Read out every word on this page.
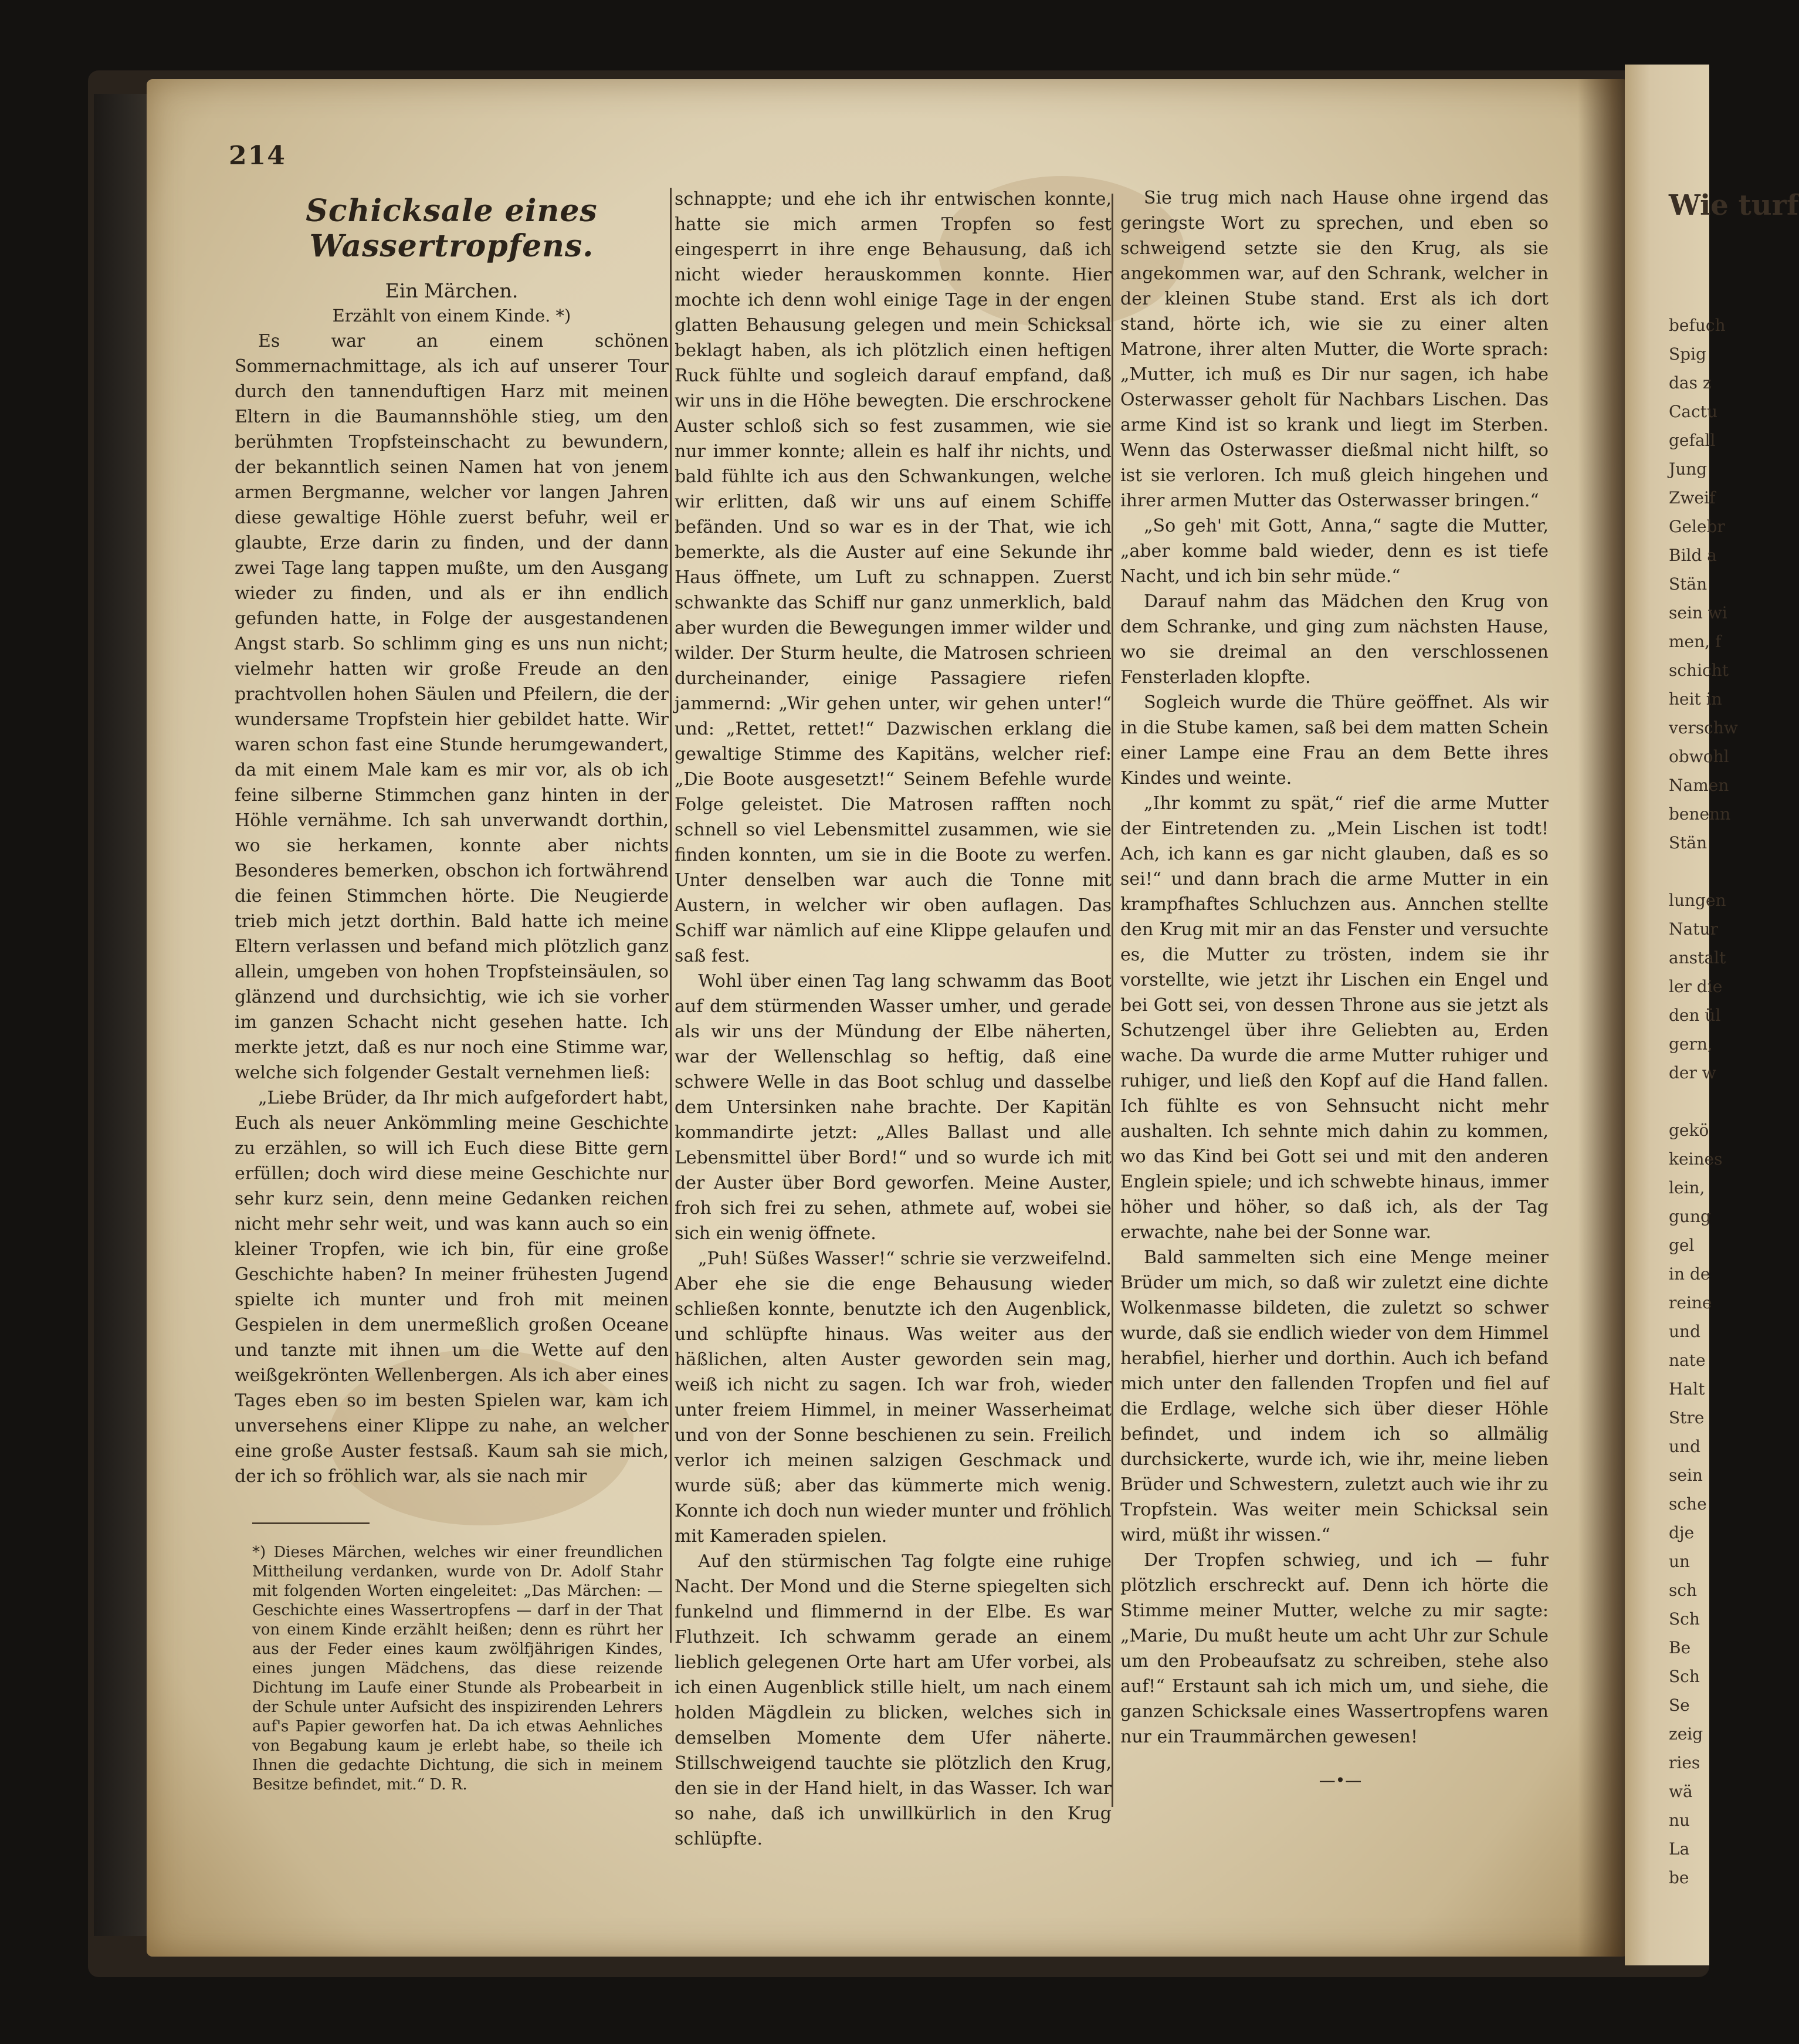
214
Schicksale eines Wassertropfens.

Ein Märchen.

Erzählt von einem Kinde. *)

Es war an einem schönen Sommernachmittage, als ich auf unserer Tour durch den tannenduftigen Harz mit meinen Eltern in die Baumannshöhle stieg, um den berühmten Tropfsteinschacht zu bewundern, der bekanntlich seinen Namen hat von jenem armen Bergmanne, welcher vor langen Jahren diese gewaltige Höhle zuerst befuhr, weil er glaubte, Erze darin zu finden, und der dann zwei Tage lang tappen mußte, um den Ausgang wieder zu finden, und als er ihn endlich gefunden hatte, in Folge der ausgestandenen Angst starb. So schlimm ging es uns nun nicht; vielmehr hatten wir große Freude an den prachtvollen hohen Säulen und Pfeilern, die der wundersame Tropfstein hier gebildet hatte. Wir waren schon fast eine Stunde herumgewandert, da mit einem Male kam es mir vor, als ob ich feine silberne Stimmchen ganz hinten in der Höhle vernähme. Ich sah unverwandt dorthin, wo sie herkamen, konnte aber nichts Besonderes bemerken, obschon ich fortwährend die feinen Stimmchen hörte. Die Neugierde trieb mich jetzt dorthin. Bald hatte ich meine Eltern verlassen und befand mich plötzlich ganz allein, umgeben von hohen Tropfsteinsäulen, so glänzend und durchsichtig, wie ich sie vorher im ganzen Schacht nicht gesehen hatte. Ich merkte jetzt, daß es nur noch eine Stimme war, welche sich folgender Gestalt vernehmen ließ:

„Liebe Brüder, da Ihr mich aufgefordert habt, Euch als neuer Ankömmling meine Geschichte zu erzählen, so will ich Euch diese Bitte gern erfüllen; doch wird diese meine Geschichte nur sehr kurz sein, denn meine Gedanken reichen nicht mehr sehr weit, und was kann auch so ein kleiner Tropfen, wie ich bin, für eine große Geschichte haben? In meiner frühesten Jugend spielte ich munter und froh mit meinen Gespielen in dem unermeßlich großen Oceane und tanzte mit ihnen um die Wette auf den weißgekrönten Wellenbergen. Als ich aber eines Tages eben so im besten Spielen war, kam ich unversehens einer Klippe zu nahe, an welcher eine große Auster festsaß. Kaum sah sie mich, der ich so fröhlich war, als sie nach mir

*) Dieses Märchen, welches wir einer freundlichen Mittheilung verdanken, wurde von Dr. Adolf Stahr mit folgenden Worten eingeleitet: „Das Märchen: — Geschichte eines Wassertropfens — darf in der That von einem Kinde erzählt heißen; denn es rührt her aus der Feder eines kaum zwölfjährigen Kindes, eines jungen Mädchens, das diese reizende Dichtung im Laufe einer Stunde als Probearbeit in der Schule unter Aufsicht des inspizirenden Lehrers auf's Papier geworfen hat. Da ich etwas Aehnliches von Begabung kaum je erlebt habe, so theile ich Ihnen die gedachte Dichtung, die sich in meinem Besitze befindet, mit.“ D. R.

schnappte; und ehe ich ihr entwischen konnte, hatte sie mich armen Tropfen so fest eingesperrt in ihre enge Behausung, daß ich nicht wieder herauskommen konnte. Hier mochte ich denn wohl einige Tage in der engen glatten Behausung gelegen und mein Schicksal beklagt haben, als ich plötzlich einen heftigen Ruck fühlte und sogleich darauf empfand, daß wir uns in die Höhe bewegten. Die erschrockene Auster schloß sich so fest zusammen, wie sie nur immer konnte; allein es half ihr nichts, und bald fühlte ich aus den Schwankungen, welche wir erlitten, daß wir uns auf einem Schiffe befänden. Und so war es in der That, wie ich bemerkte, als die Auster auf eine Sekunde ihr Haus öffnete, um Luft zu schnappen. Zuerst schwankte das Schiff nur ganz unmerklich, bald aber wurden die Bewegungen immer wilder und wilder. Der Sturm heulte, die Matrosen schrieen durcheinander, einige Passagiere riefen jammernd: „Wir gehen unter, wir gehen unter!“ und: „Rettet, rettet!“ Dazwischen erklang die gewaltige Stimme des Kapitäns, welcher rief: „Die Boote ausgesetzt!“ Seinem Befehle wurde Folge geleistet. Die Matrosen rafften noch schnell so viel Lebensmittel zusammen, wie sie finden konnten, um sie in die Boote zu werfen. Unter denselben war auch die Tonne mit Austern, in welcher wir oben auflagen. Das Schiff war nämlich auf eine Klippe gelaufen und saß fest.

Wohl über einen Tag lang schwamm das Boot auf dem stürmenden Wasser umher, und gerade als wir uns der Mündung der Elbe näherten, war der Wellenschlag so heftig, daß eine schwere Welle in das Boot schlug und dasselbe dem Untersinken nahe brachte. Der Kapitän kommandirte jetzt: „Alles Ballast und alle Lebensmittel über Bord!“ und so wurde ich mit der Auster über Bord geworfen. Meine Auster, froh sich frei zu sehen, athmete auf, wobei sie sich ein wenig öffnete.

„Puh! Süßes Wasser!“ schrie sie verzweifelnd. Aber ehe sie die enge Behausung wieder schließen konnte, benutzte ich den Augenblick, und schlüpfte hinaus. Was weiter aus der häßlichen, alten Auster geworden sein mag, weiß ich nicht zu sagen. Ich war froh, wieder unter freiem Himmel, in meiner Wasserheimat und von der Sonne beschienen zu sein. Freilich verlor ich meinen salzigen Geschmack und wurde süß; aber das kümmerte mich wenig. Konnte ich doch nun wieder munter und fröhlich mit Kameraden spielen.

Auf den stürmischen Tag folgte eine ruhige Nacht. Der Mond und die Sterne spiegelten sich funkelnd und flimmernd in der Elbe. Es war Fluthzeit. Ich schwamm gerade an einem lieblich gelegenen Orte hart am Ufer vorbei, als ich einen Augenblick stille hielt, um nach einem holden Mägdlein zu blicken, welches sich in demselben Momente dem Ufer näherte. Stillschweigend tauchte sie plötzlich den Krug, den sie in der Hand hielt, in das Wasser. Ich war so nahe, daß ich unwillkürlich in den Krug schlüpfte.

Sie trug mich nach Hause ohne irgend das geringste Wort zu sprechen, und eben so schweigend setzte sie den Krug, als sie angekommen war, auf den Schrank, welcher in der kleinen Stube stand. Erst als ich dort stand, hörte ich, wie sie zu einer alten Matrone, ihrer alten Mutter, die Worte sprach: „Mutter, ich muß es Dir nur sagen, ich habe Osterwasser geholt für Nachbars Lischen. Das arme Kind ist so krank und liegt im Sterben. Wenn das Osterwasser dießmal nicht hilft, so ist sie verloren. Ich muß gleich hingehen und ihrer armen Mutter das Osterwasser bringen.“

„So geh' mit Gott, Anna,“ sagte die Mutter, „aber komme bald wieder, denn es ist tiefe Nacht, und ich bin sehr müde.“

Darauf nahm das Mädchen den Krug von dem Schranke, und ging zum nächsten Hause, wo sie dreimal an den verschlossenen Fensterladen klopfte.

Sogleich wurde die Thüre geöffnet. Als wir in die Stube kamen, saß bei dem matten Schein einer Lampe eine Frau an dem Bette ihres Kindes und weinte.

„Ihr kommt zu spät,“ rief die arme Mutter der Eintretenden zu. „Mein Lischen ist todt! Ach, ich kann es gar nicht glauben, daß es so sei!“ und dann brach die arme Mutter in ein krampfhaftes Schluchzen aus. Annchen stellte den Krug mit mir an das Fenster und versuchte es, die Mutter zu trösten, indem sie ihr vorstellte, wie jetzt ihr Lischen ein Engel und bei Gott sei, von dessen Throne aus sie jetzt als Schutzengel über ihre Geliebten au, Erden wache. Da wurde die arme Mutter ruhiger und ruhiger, und ließ den Kopf auf die Hand fallen. Ich fühlte es von Sehnsucht nicht mehr aushalten. Ich sehnte mich dahin zu kommen, wo das Kind bei Gott sei und mit den anderen Englein spiele; und ich schwebte hinaus, immer höher und höher, so daß ich, als der Tag erwachte, nahe bei der Sonne war.

Bald sammelten sich eine Menge meiner Brüder um mich, so daß wir zuletzt eine dichte Wolkenmasse bildeten, die zuletzt so schwer wurde, daß sie endlich wieder von dem Himmel herabfiel, hierher und dorthin. Auch ich befand mich unter den fallenden Tropfen und fiel auf die Erdlage, welche sich über dieser Höhle befindet, und indem ich so allmälig durchsickerte, wurde ich, wie ihr, meine lieben Brüder und Schwestern, zuletzt auch wie ihr zu Tropfstein. Was weiter mein Schicksal sein wird, müßt ihr wissen.“

Der Tropfen schwieg, und ich — fuhr plötzlich erschreckt auf. Denn ich hörte die Stimme meiner Mutter, welche zu mir sagte: „Marie, Du mußt heute um acht Uhr zur Schule um den Probeaufsatz zu schreiben, stehe also auf!“ Erstaunt sah ich mich um, und siehe, die ganzen Schicksale eines Wassertropfens waren nur ein Traummärchen gewesen!

—•—
Wie turf
befuch
Spig
das z
Cactu
gefall
Jung
Zweif
Gelebr
Bild a
Stän
sein wi
men, f
schicht
heit in
verschw
obwohl
Namen
benenn
Stän

lungen
Natur
anstalt
ler die
den ül
gern,
der w

gekö
keines
lein,
gung
gel
in de
reine
und
nate
Halt
Stre
und
sein
sche
dje
un
sch
Sch
Be
Sch
Se
zeig
ries
wä
nu
La
be
